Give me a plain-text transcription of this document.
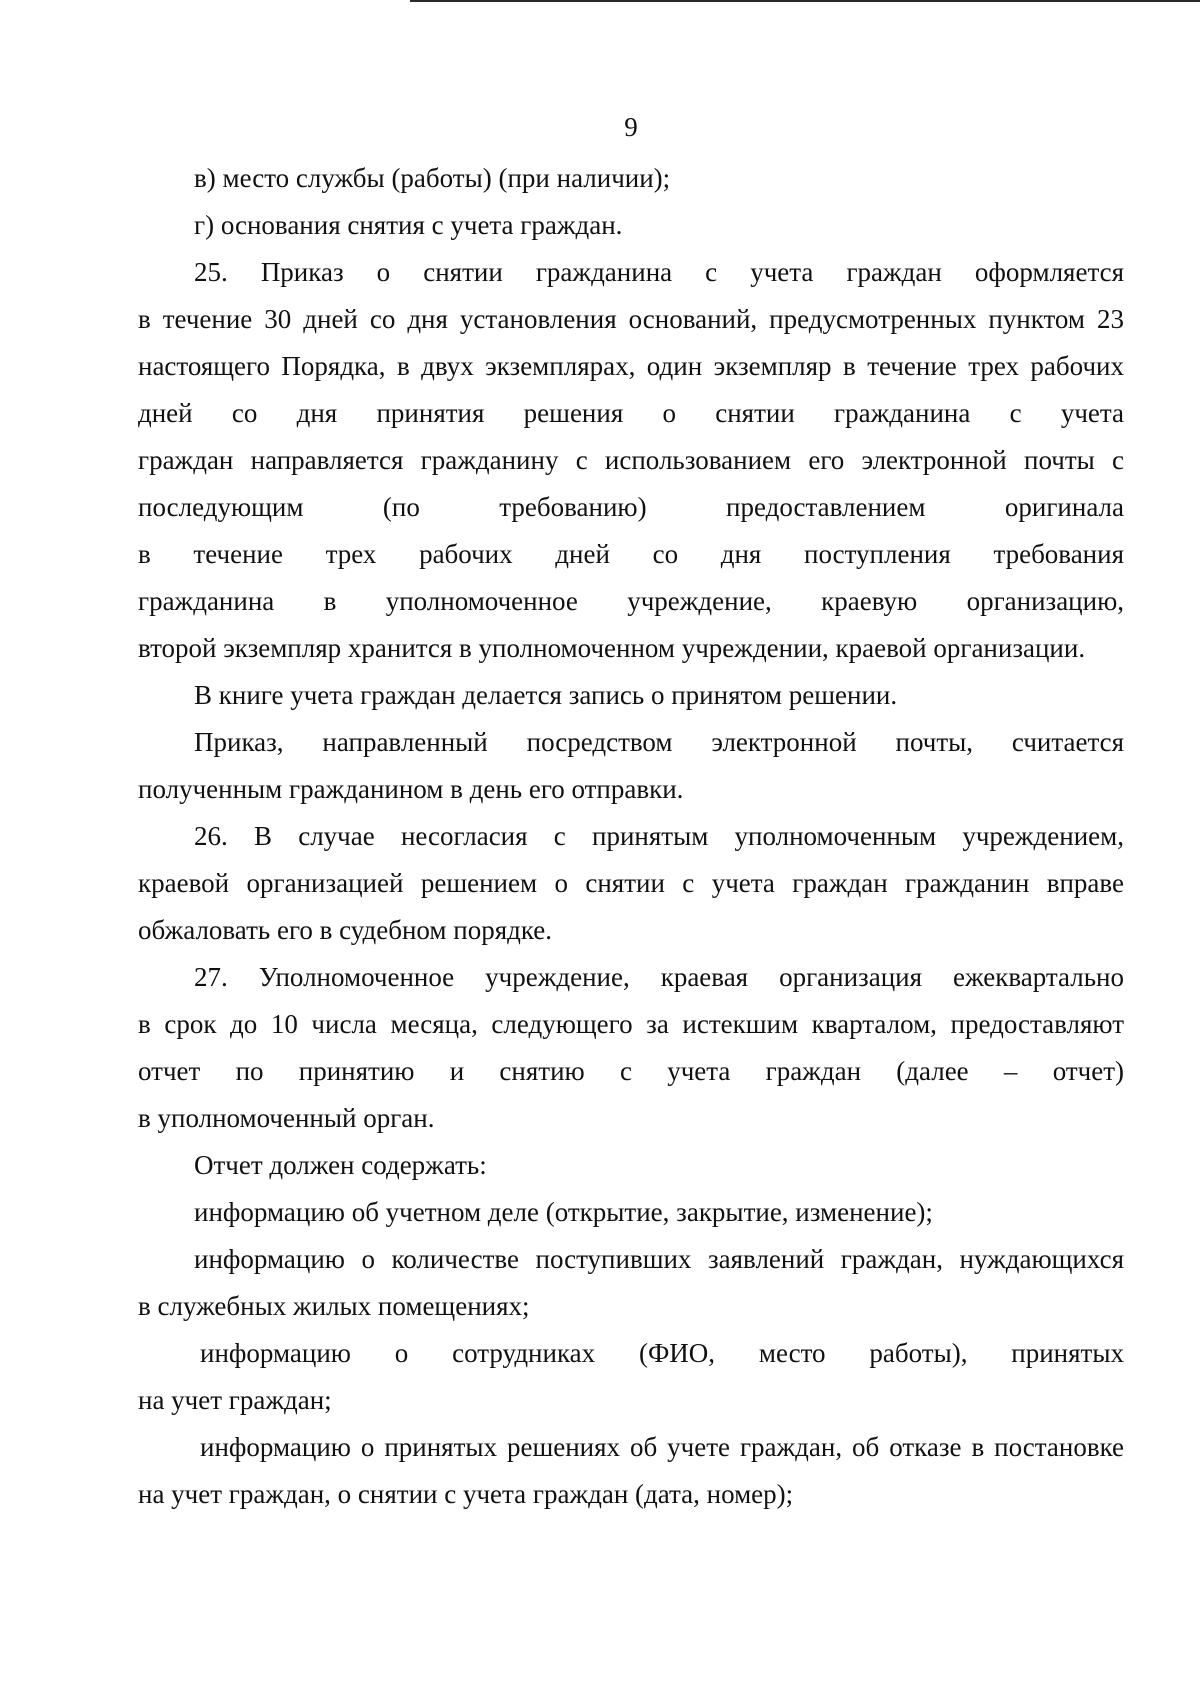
9
в) место службы (работы) (при наличии);
г) основания снятия с учета граждан.
25. Приказ о снятии гражданина с учета граждан оформляется
в течение 30 дней со дня установления оснований, предусмотренных пунктом 23
настоящего Порядка, в двух экземплярах, один экземпляр в течение трех рабочих
дней со дня принятия решения о снятии гражданина с учета
граждан направляется гражданину с использованием его электронной почты с
последующим (по требованию) предоставлением оригинала
в течение трех рабочих дней со дня поступления требования
гражданина в уполномоченное учреждение, краевую организацию,
второй экземпляр хранится в уполномоченном учреждении, краевой организации.
В книге учета граждан делается запись о принятом решении.
Приказ, направленный посредством электронной почты, считается
полученным гражданином в день его отправки.
26. В случае несогласия с принятым уполномоченным учреждением,
краевой организацией решением о снятии с учета граждан гражданин вправе
обжаловать его в судебном порядке.
27. Уполномоченное учреждение, краевая организация ежеквартально
в срок до 10 числа месяца, следующего за истекшим кварталом, предоставляют
отчет по принятию и снятию с учета граждан (далее – отчет)
в уполномоченный орган.
Отчет должен содержать:
информацию об учетном деле (открытие, закрытие, изменение);
информацию о количестве поступивших заявлений граждан, нуждающихся
в служебных жилых помещениях;
информацию о сотрудниках (ФИО, место работы), принятых
на учет граждан;
информацию о принятых решениях об учете граждан, об отказе в постановке
на учет граждан, о снятии с учета граждан (дата, номер);
